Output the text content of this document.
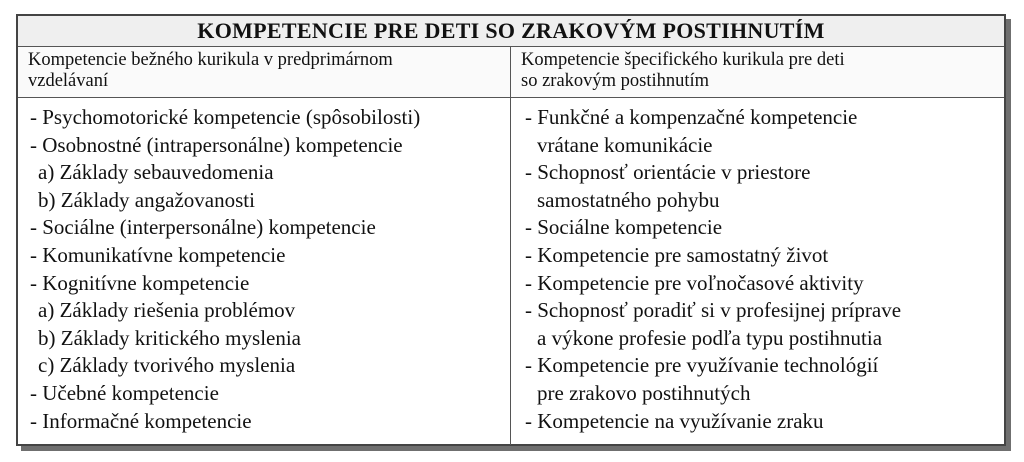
KOMPETENCIE PRE DETI SO ZRAKOVÝM POSTIHNUTÍM
Kompetencie bežného kurikula v predprimárnom
vzdelávaní
- Psychomotorické kompetencie (spôsobilosti)
- Osobnostné (intrapersonálne) kompetencie
a) Základy sebauvedomenia
b) Základy angažovanosti
- Sociálne (interpersonálne) kompetencie
- Komunikatívne kompetencie
- Kognitívne kompetencie
a) Základy riešenia problémov
b) Základy kritického myslenia
c) Základy tvorivého myslenia
- Učebné kompetencie
- Informačné kompetencie
Kompetencie špecifického kurikula pre deti
so zrakovým postihnutím
- Funkčné a kompenzačné kompetencie
vrátane komunikácie
- Schopnosť orientácie v priestore
samostatného pohybu
- Sociálne kompetencie
- Kompetencie pre samostatný život
- Kompetencie pre voľnočasové aktivity
- Schopnosť poradiť si v profesijnej príprave
a výkone profesie podľa typu postihnutia
- Kompetencie pre využívanie technológií
pre zrakovo postihnutých
- Kompetencie na využívanie zraku
